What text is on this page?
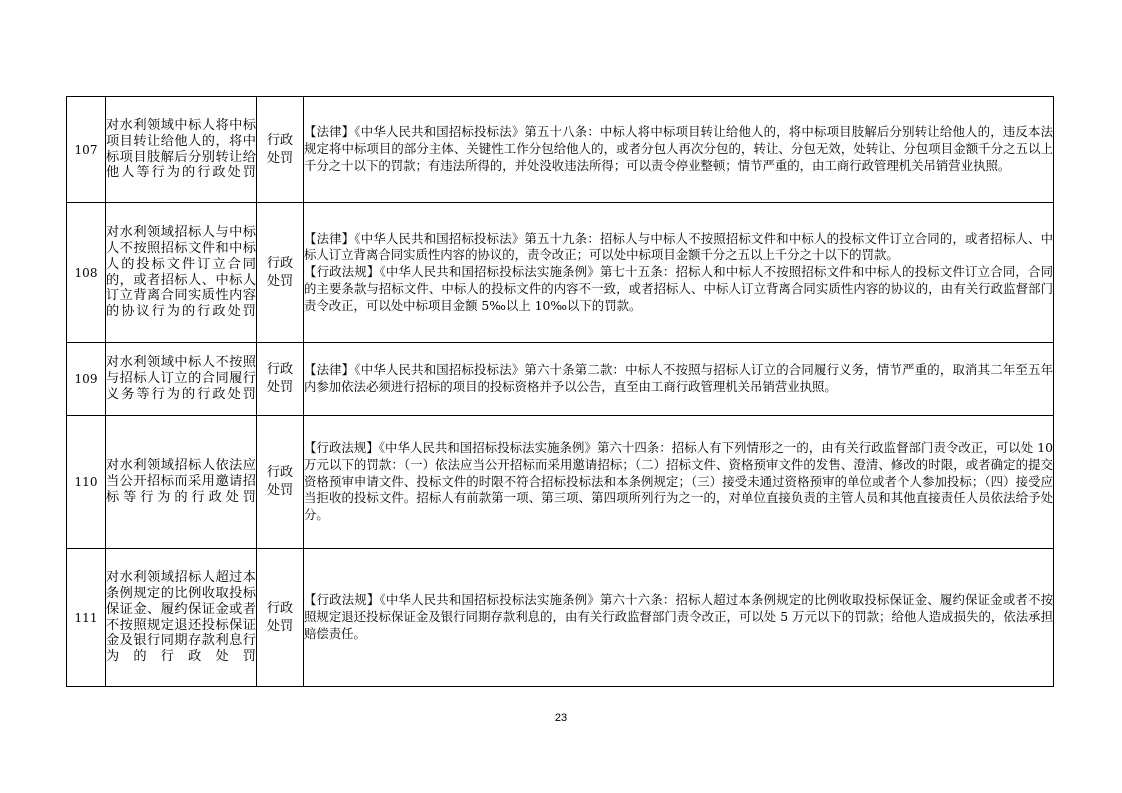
107	对水利领域中标人将中标项目转让给他人的，将中标项目肢解后分别转让给他人等行为的行政处罚	行政
处罚	【法律】《中华人民共和国招标投标法》第五十八条：中标人将中标项目转让给他人的，将中标项目肢解后分别转让给他人的，违反本法规定将中标项目的部分主体、关键性工作分包给他人的，或者分包人再次分包的，转让、分包无效，处转让、分包项目金额千分之五以上千分之十以下的罚款；有违法所得的，并处没收违法所得；可以责令停业整顿；情节严重的，由工商行政管理机关吊销营业执照。

108	对水利领域招标人与中标人不按照招标文件和中标人的投标文件订立合同的，或者招标人、中标人订立背离合同实质性内容的协议行为的行政处罚	行政
处罚	【法律】《中华人民共和国招标投标法》第五十九条：招标人与中标人不按照招标文件和中标人的投标文件订立合同的，或者招标人、中标人订立背离合同实质性内容的协议的，责令改正；可以处中标项目金额千分之五以上千分之十以下的罚款。
【行政法规】《中华人民共和国招标投标法实施条例》第七十五条：招标人和中标人不按照招标文件和中标人的投标文件订立合同，合同的主要条款与招标文件、中标人的投标文件的内容不一致，或者招标人、中标人订立背离合同实质性内容的协议的，由有关行政监督部门责令改正，可以处中标项目金额 5‰以上 10‰以下的罚款。

109	对水利领域中标人不按照与招标人订立的合同履行义务等行为的行政处罚	行政
处罚	【法律】《中华人民共和国招标投标法》第六十条第二款：中标人不按照与招标人订立的合同履行义务，情节严重的，取消其二年至五年内参加依法必须进行招标的项目的投标资格并予以公告，直至由工商行政管理机关吊销营业执照。

110	对水利领域招标人依法应当公开招标而采用邀请招标等行为的行政处罚	行政
处罚	【行政法规】《中华人民共和国招标投标法实施条例》第六十四条：招标人有下列情形之一的，由有关行政监督部门责令改正，可以处 10 万元以下的罚款：（一）依法应当公开招标而采用邀请招标；（二）招标文件、资格预审文件的发售、澄清、修改的时限，或者确定的提交资格预审申请文件、投标文件的时限不符合招标投标法和本条例规定；（三）接受未通过资格预审的单位或者个人参加投标；（四）接受应当拒收的投标文件。招标人有前款第一项、第三项、第四项所列行为之一的，对单位直接负责的主管人员和其他直接责任人员依法给予处分。

111	对水利领域招标人超过本条例规定的比例收取投标保证金、履约保证金或者不按照规定退还投标保证金及银行同期存款利息行为的行政处罚	行政
处罚	【行政法规】《中华人民共和国招标投标法实施条例》第六十六条：招标人超过本条例规定的比例收取投标保证金、履约保证金或者不按照规定退还投标保证金及银行同期存款利息的，由有关行政监督部门责令改正，可以处 5 万元以下的罚款；给他人造成损失的，依法承担赔偿责任。
23
